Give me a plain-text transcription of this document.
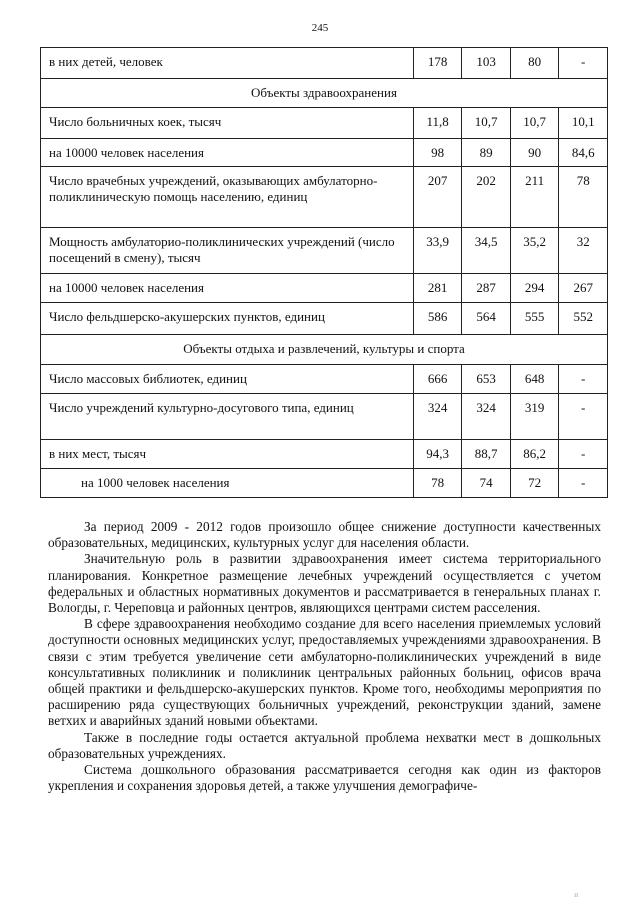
245
в них детей, человек	178	103	80	-
Объекты здравоохранения				
Число больничных коек, тысяч	11,8	10,7	10,7	10,1
на 10000 человек населения	98	89	90	84,6
Число врачебных учреждений, оказывающих амбулаторно-поликлиническую помощь населению, единиц	207	202	211	78
Мощность амбулаторио-поликлинических учреждений (число посещений в смену), тысяч	33,9	34,5	35,2	32
на 10000 человек населения	281	287	294	267
Число фельдшерско-акушерских пунктов, единиц	586	564	555	552
Объекты отдыха и развлечений, культуры и спорта				
Число массовых библиотек, единиц	666	653	648	-
Число учреждений культурно-досугового типа, единиц	324	324	319	-
в них мест, тысяч	94,3	88,7	86,2	-
на 1000 человек населения	78	74	72	-

За период 2009 - 2012 годов произошло общее снижение доступности качественных образовательных, медицинских, культурных услуг для населения области.

Значительную роль в развитии здравоохранения имеет система территориального планирования. Конкретное размещение лечебных учреждений осуществляется с учетом федеральных и областных нормативных документов и рассматривается в генеральных планах г. Вологды, г. Череповца и районных центров, являющихся центрами систем расселения.

В сфере здравоохранения необходимо создание для всего населения приемлемых условий доступности основных медицинских услуг, предоставляемых учреждениями здравоохранения. В связи с этим требуется увеличение сети амбулаторно-поликлинических учреждений в виде консультативных поликлиник и поликлиник центральных районных больниц, офисов врача общей практики и фельдшерско-акушерских пунктов. Кроме того, необходимы мероприятия по расширению ряда существующих больничных учреждений, реконструкции зданий, замене ветхих и аварийных зданий новыми объектами.

Также в последние годы остается актуальной проблема нехватки мест в дошкольных образовательных учреждениях.

Система дошкольного образования рассматривается сегодня как один из факторов укрепления и сохранения здоровья детей, а также улучшения демографиче-

п
